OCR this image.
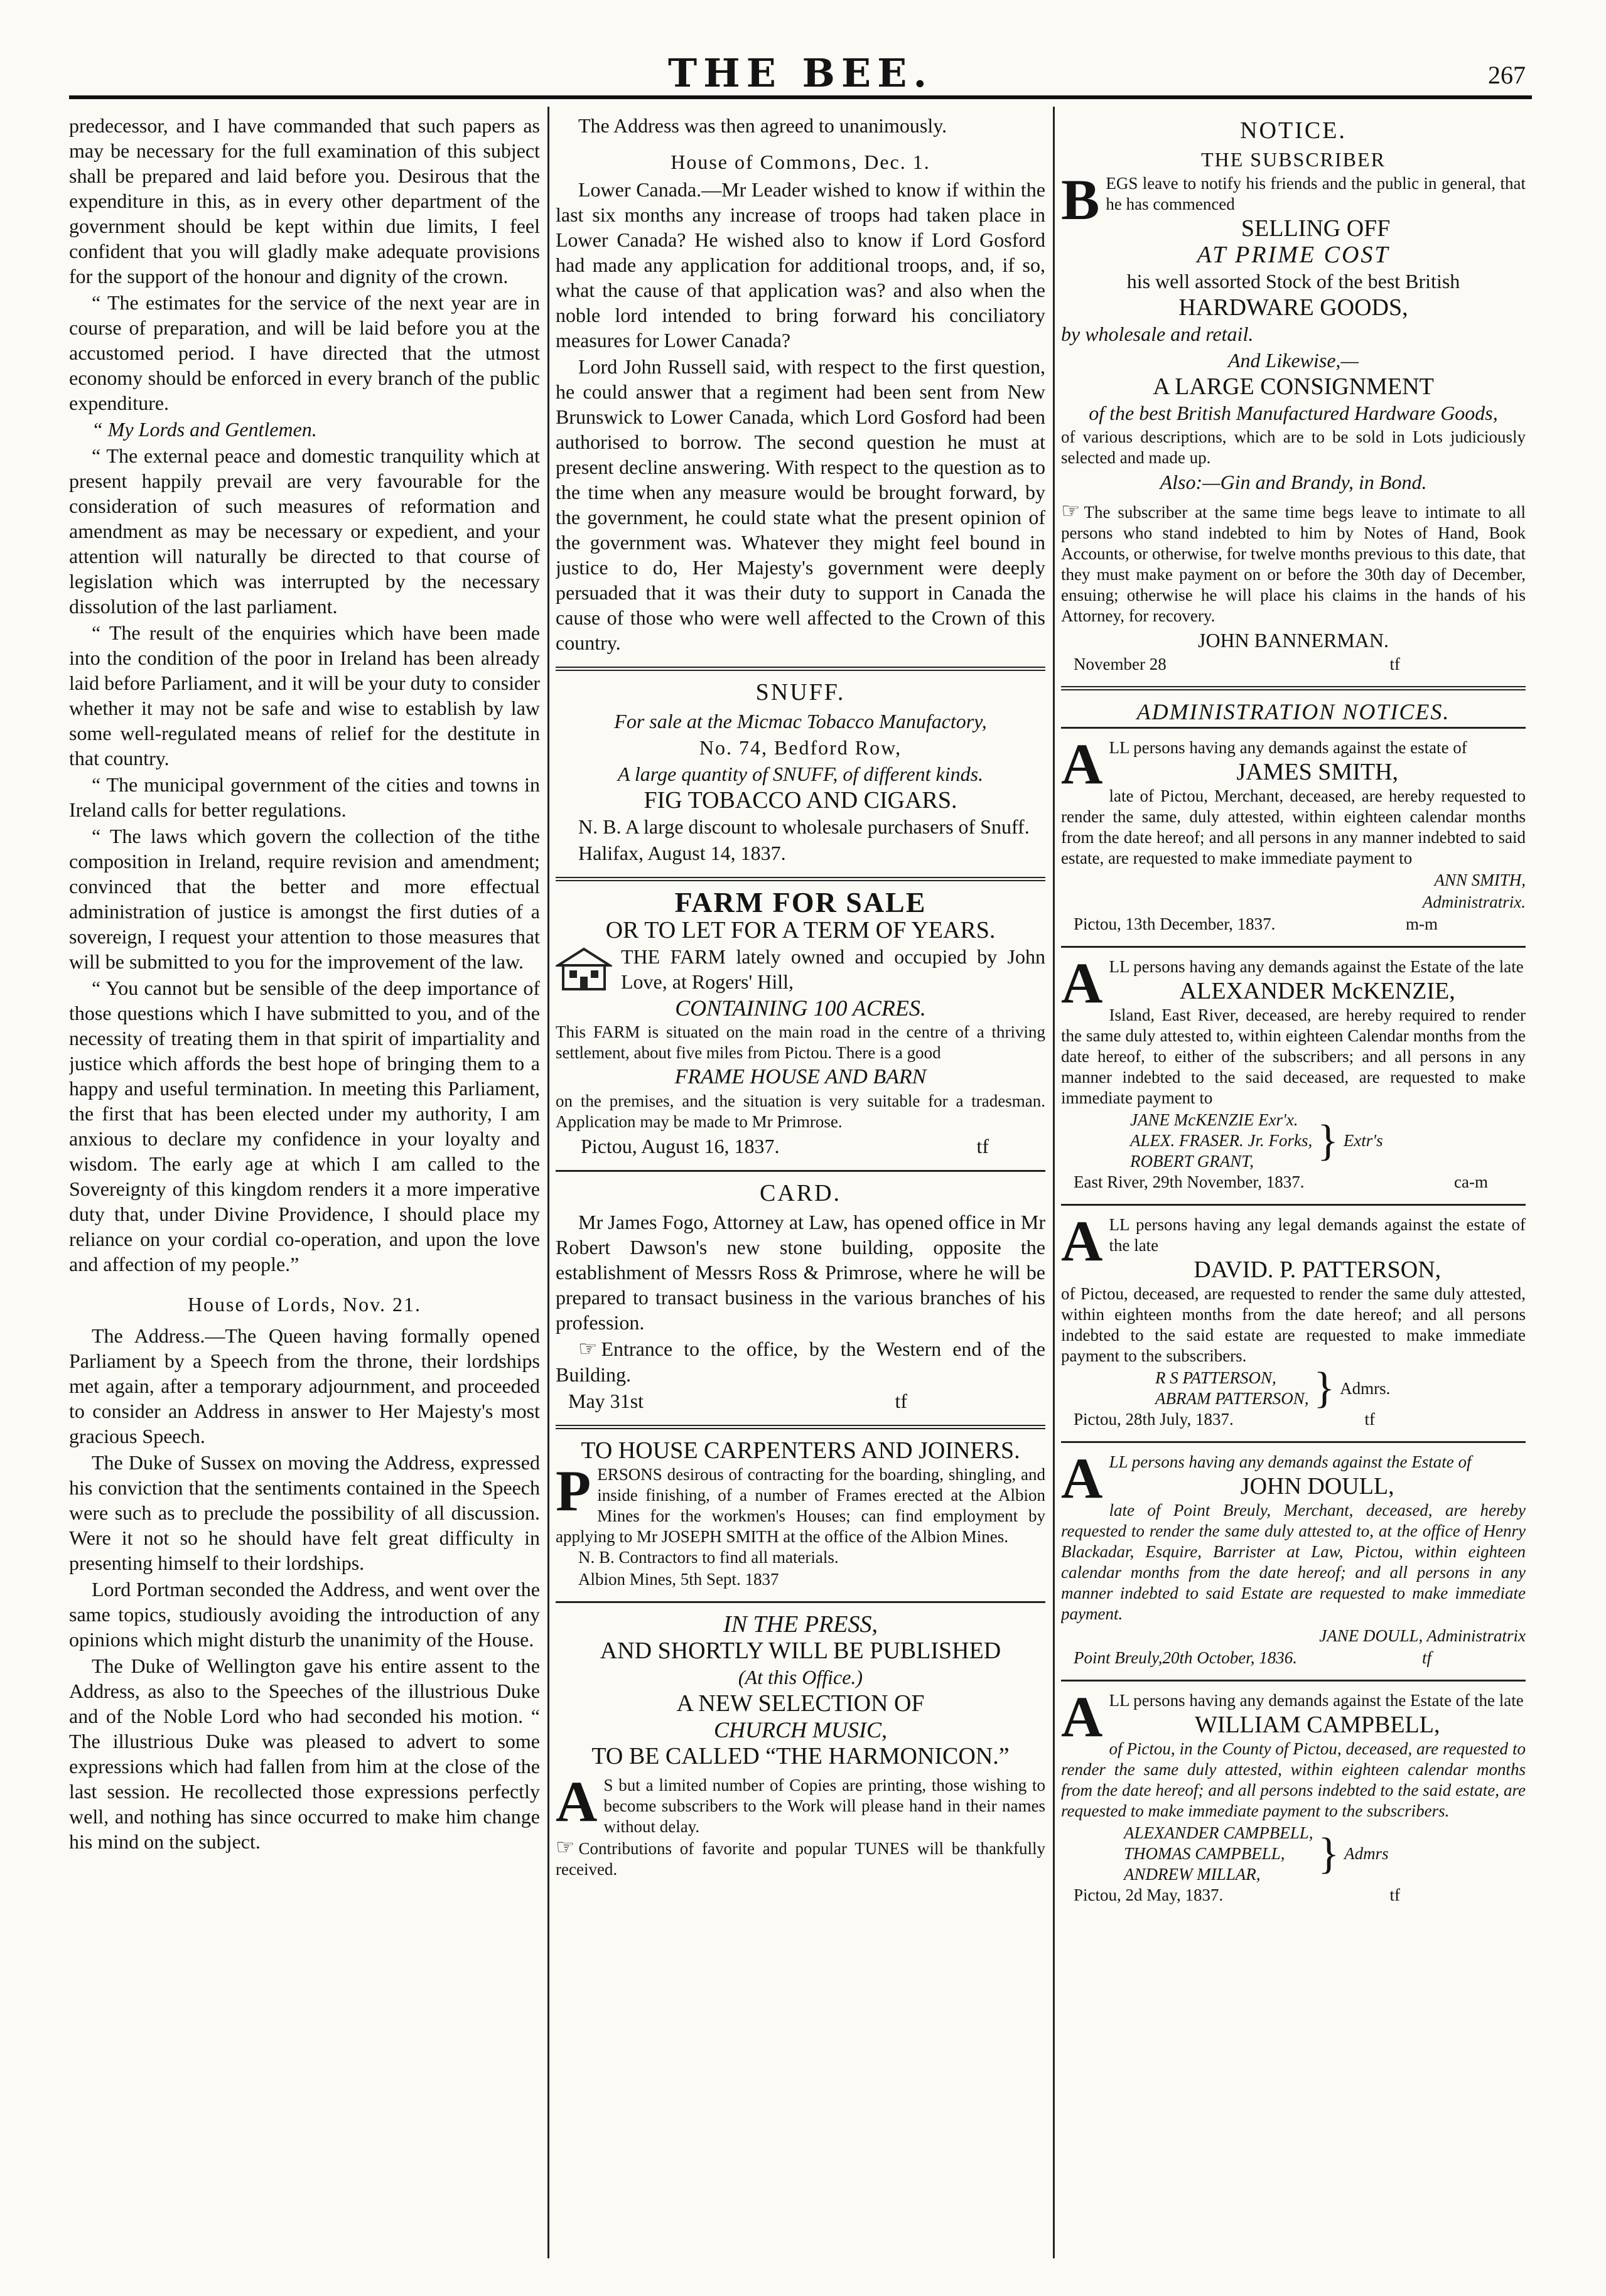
THE BEE.	267

predecessor, and I have commanded that such papers as may be necessary for the full examination of this subject shall be prepared and laid before you. Desirous that the expenditure in this, as in every other department of the government should be kept within due limits, I feel confident that you will gladly make adequate provisions for the support of the honour and dignity of the crown.

“ The estimates for the service of the next year are in course of preparation, and will be laid before you at the accustomed period. I have directed that the utmost economy should be enforced in every branch of the public expenditure.

“ My Lords and Gentlemen.

“ The external peace and domestic tranquility which at present happily prevail are very favourable for the consideration of such measures of reformation and amendment as may be necessary or expedient, and your attention will naturally be directed to that course of legislation which was interrupted by the necessary dissolution of the last parliament.

“ The result of the enquiries which have been made into the condition of the poor in Ireland has been already laid before Parliament, and it will be your duty to consider whether it may not be safe and wise to establish by law some well-regulated means of relief for the destitute in that country.

“ The municipal government of the cities and towns in Ireland calls for better regulations.

“ The laws which govern the collection of the tithe composition in Ireland, require revision and amendment; convinced that the better and more effectual administration of justice is amongst the first duties of a sovereign, I request your attention to those measures that will be submitted to you for the improvement of the law.

“ You cannot but be sensible of the deep importance of those questions which I have submitted to you, and of the necessity of treating them in that spirit of impartiality and justice which affords the best hope of bringing them to a happy and useful termination. In meeting this Parliament, the first that has been elected under my authority, I am anxious to declare my confidence in your loyalty and wisdom. The early age at which I am called to the Sovereignty of this kingdom renders it a more imperative duty that, under Divine Providence, I should place my reliance on your cordial co-operation, and upon the love and affection of my people.”

House of Lords, Nov. 21.

The Address.—The Queen having formally opened Parliament by a Speech from the throne, their lordships met again, after a temporary adjournment, and proceeded to consider an Address in answer to Her Majesty's most gracious Speech.

The Duke of Sussex on moving the Address, expressed his conviction that the sentiments contained in the Speech were such as to preclude the possibility of all discussion. Were it not so he should have felt great difficulty in presenting himself to their lordships.

Lord Portman seconded the Address, and went over the same topics, studiously avoiding the introduction of any opinions which might disturb the unanimity of the House.

The Duke of Wellington gave his entire assent to the Address, as also to the Speeches of the illustrious Duke and of the Noble Lord who had seconded his motion. “ The illustrious Duke was pleased to advert to some expressions which had fallen from him at the close of the last session. He recollected those expressions perfectly well, and nothing has since occurred to make him change his mind on the subject.

The Address was then agreed to unanimously.

House of Commons, Dec. 1.

Lower Canada.—Mr Leader wished to know if within the last six months any increase of troops had taken place in Lower Canada? He wished also to know if Lord Gosford had made any application for additional troops, and, if so, what the cause of that application was? and also when the noble lord intended to bring forward his conciliatory measures for Lower Canada?

Lord John Russell said, with respect to the first question, he could answer that a regiment had been sent from New Brunswick to Lower Canada, which Lord Gosford had been authorised to borrow. The second question he must at present decline answering. With respect to the question as to the time when any measure would be brought forward, by the government, he could state what the present opinion of the government was. Whatever they might feel bound in justice to do, Her Majesty's government were deeply persuaded that it was their duty to support in Canada the cause of those who were well affected to the Crown of this country.

SNUFF.

For sale at the Micmac Tobacco Manufactory,

No. 74, Bedford Row,

A large quantity of SNUFF, of different kinds.

FIG TOBACCO AND CIGARS.

N. B. A large discount to wholesale purchasers of Snuff.

Halifax, August 14, 1837.

FARM FOR SALE

OR TO LET FOR A TERM OF YEARS.

THE FARM lately owned and occupied by John Love, at Rogers' Hill,

CONTAINING 100 ACRES.

This FARM is situated on the main road in the centre of a thriving settlement, about five miles from Pictou. There is a good

FRAME HOUSE AND BARN

on the premises, and the situation is very suitable for a tradesman. Application may be made to Mr Primrose.

Pictou, August 16, 1837.	tf

CARD.

Mr James Fogo, Attorney at Law, has opened office in Mr Robert Dawson's new stone building, opposite the establishment of Messrs Ross & Primrose, where he will be prepared to transact business in the various branches of his profession.

☞ Entrance to the office, by the Western end of the Building.

May 31st	tf

TO HOUSE CARPENTERS AND JOINERS.

P ERSONS desirous of contracting for the boarding, shingling, and inside finishing, of a number of Frames erected at the Albion Mines for the workmen's Houses; can find employment by applying to Mr JOSEPH SMITH at the office of the Albion Mines.

N. B. Contractors to find all materials.

Albion Mines, 5th Sept. 1837

IN THE PRESS,

AND SHORTLY WILL BE PUBLISHED

(At this Office.)

A NEW SELECTION OF

CHURCH MUSIC,

TO BE CALLED “THE HARMONICON.”

A S but a limited number of Copies are printing, those wishing to become subscribers to the Work will please hand in their names without delay.

☞ Contributions of favorite and popular TUNES will be thankfully received.

NOTICE.

THE SUBSCRIBER

B EGS leave to notify his friends and the public in general, that he has commenced

SELLING OFF

AT PRIME COST

his well assorted Stock of the best British

HARDWARE GOODS,

by wholesale and retail.

And Likewise,—

A LARGE CONSIGNMENT

of the best British Manufactured Hardware Goods,

of various descriptions, which are to be sold in Lots judiciously selected and made up.

Also:—Gin and Brandy, in Bond.

☞ The subscriber at the same time begs leave to intimate to all persons who stand indebted to him by Notes of Hand, Book Accounts, or otherwise, for twelve months previous to this date, that they must make payment on or before the 30th day of December, ensuing; otherwise he will place his claims in the hands of his Attorney, for recovery.

JOHN BANNERMAN.

November 28	tf

ADMINISTRATION NOTICES.

A LL persons having any demands against the estate of

JAMES SMITH,

late of Pictou, Merchant, deceased, are hereby requested to render the same, duly attested, within eighteen calendar months from the date hereof; and all persons in any manner indebted to said estate, are requested to make immediate payment to

ANN SMITH,

Administratrix.

Pictou, 13th December, 1837.	m-m

A LL persons having any demands against the Estate of the late

ALEXANDER McKENZIE,

Island, East River, deceased, are hereby required to render the same duly attested to, within eighteen Calendar months from the date hereof, to either of the subscribers; and all persons in any manner indebted to the said deceased, are requested to make immediate payment to

JANE McKENZIE Exr'x.
ALEX. FRASER. Jr. Forks,
ROBERT GRANT,	} Extr's

East River, 29th November, 1837.	ca-m

A LL persons having any legal demands against the estate of the late

DAVID. P. PATTERSON,

of Pictou, deceased, are requested to render the same duly attested, within eighteen months from the date hereof; and all persons indebted to the said estate are requested to make immediate payment to the subscribers.

R S PATTERSON,
ABRAM PATTERSON, } Admrs.

Pictou, 28th July, 1837.	tf

A LL persons having any demands against the Estate of

JOHN DOULL,

late of Point Breuly, Merchant, deceased, are hereby requested to render the same duly attested to, at the office of Henry Blackadar, Esquire, Barrister at Law, Pictou, within eighteen calendar months from the date hereof; and all persons in any manner indebted to said Estate are requested to make immediate payment.

JANE DOULL, Administratrix

Point Breuly,20th October, 1836.	tf

A LL persons having any demands against the Estate of the late

WILLIAM CAMPBELL,

of Pictou, in the County of Pictou, deceased, are requested to render the same duly attested, within eighteen calendar months from the date hereof; and all persons indebted to the said estate, are requested to make immediate payment to the subscribers.

ALEXANDER CAMPBELL,
THOMAS CAMPBELL,
ANDREW MILLAR,	} Admrs

Pictou, 2d May, 1837.	tf
